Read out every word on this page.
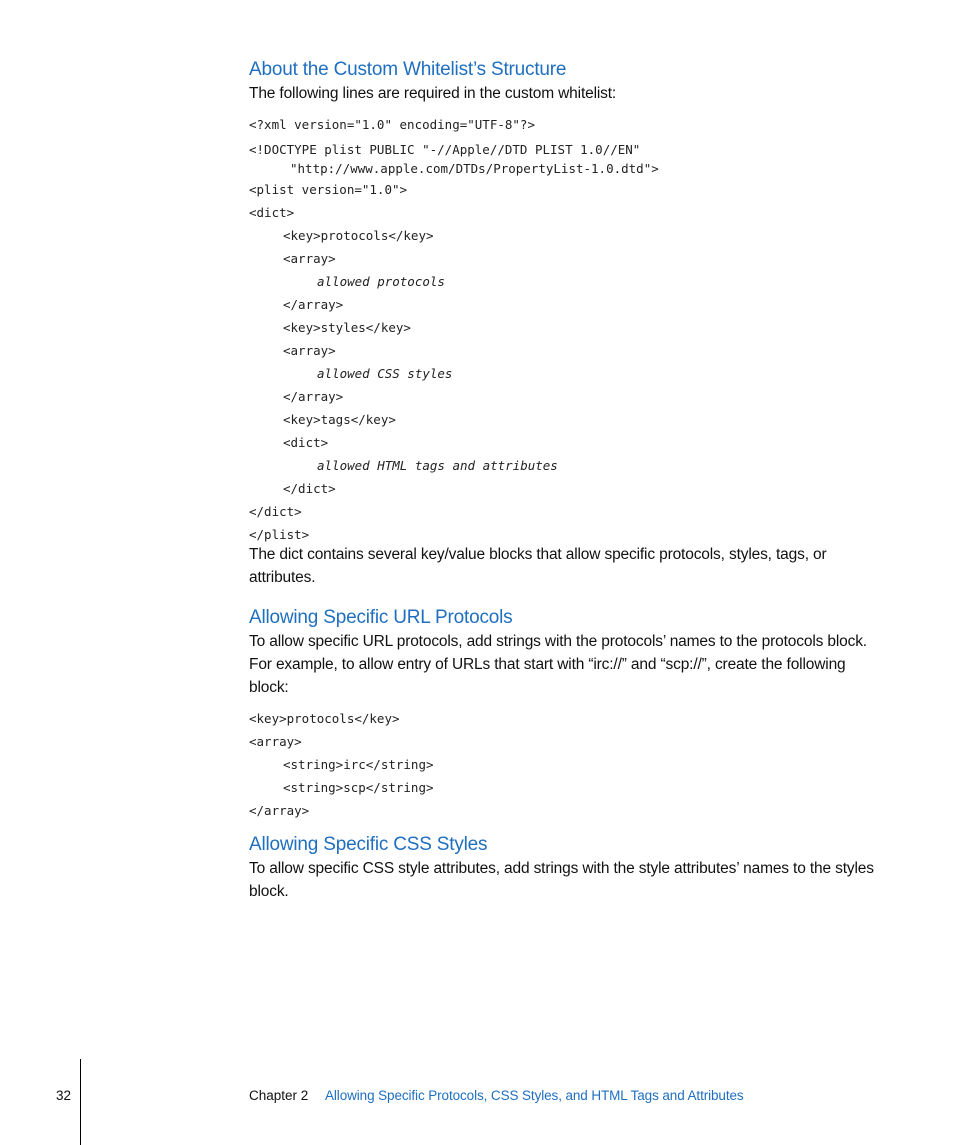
About the Custom Whitelist’s Structure

The following lines are required in the custom whitelist:

<?xml version="1.0" encoding="UTF-8"?>
<!DOCTYPE plist PUBLIC "-//Apple//DTD PLIST 1.0//EN" "http://www.apple.com/DTDs/PropertyList-1.0.dtd">
<plist version="1.0">
<dict>
<key>protocols</key>
<array>
allowed protocols
</array>
<key>styles</key>
<array>
allowed CSS styles
</array>
<key>tags</key>
<dict>
allowed HTML tags and attributes
</dict>
</dict>
</plist>

The dict contains several key/value blocks that allow specific protocols, styles, tags, or attributes.

Allowing Specific URL Protocols

To allow specific URL protocols, add strings with the protocols’ names to the protocols block.

For example, to allow entry of URLs that start with “irc://” and “scp://”, create the following block:

<key>protocols</key>
<array>
<string>irc</string>
<string>scp</string>
</array>
Allowing Specific CSS Styles

To allow specific CSS style attributes, add strings with the style attributes’ names to the styles block.

32	Chapter 2 Allowing Specific Protocols, CSS Styles, and HTML Tags and Attributes
